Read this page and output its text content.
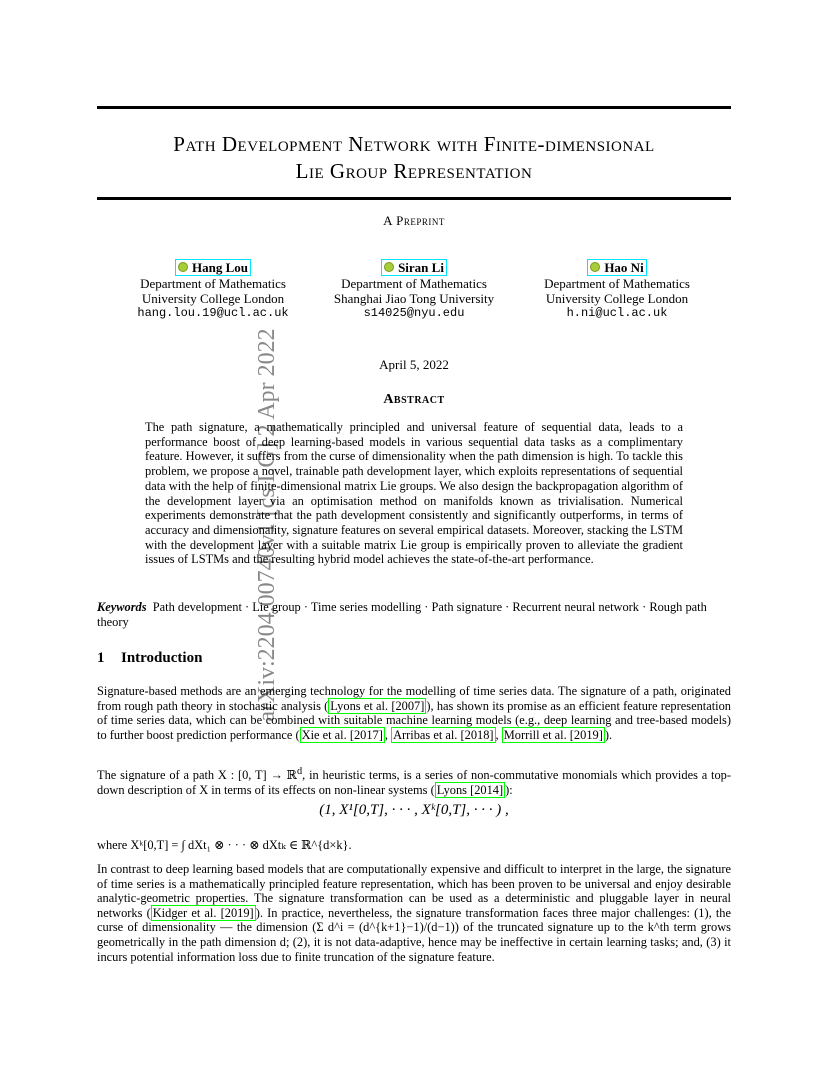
arXiv:2204.00740v1 [cs.LG] 2 Apr 2022
Path Development Network with Finite-dimensional
Lie Group Representation
A Preprint
Hang Lou
Department of Mathematics
University College London
hang.lou.19@ucl.ac.uk
Siran Li
Department of Mathematics
Shanghai Jiao Tong University
s14025@nyu.edu
Hao Ni
Department of Mathematics
University College London
h.ni@ucl.ac.uk
April 5, 2022
Abstract
The path signature, a mathematically principled and universal feature of sequential data, leads to a performance boost of deep learning-based models in various sequential data tasks as a complimentary feature. However, it suffers from the curse of dimensionality when the path dimension is high. To tackle this problem, we propose a novel, trainable path development layer, which exploits representations of sequential data with the help of finite-dimensional matrix Lie groups. We also design the backpropagation algorithm of the development layer via an optimisation method on manifolds known as trivialisation. Numerical experiments demonstrate that the path development consistently and significantly outperforms, in terms of accuracy and dimensionality, signature features on several empirical datasets. Moreover, stacking the LSTM with the development layer with a suitable matrix Lie group is empirically proven to alleviate the gradient issues of LSTMs and the resulting hybrid model achieves the state-of-the-art performance.
Keywords Path development · Lie group · Time series modelling · Path signature · Recurrent neural network · Rough path theory
1 Introduction
Signature-based methods are an emerging technology for the modelling of time series data. The signature of a path, originated from rough path theory in stochastic analysis ( Lyons et al. [2007] ), has shown its promise as an efficient feature representation of time series data, which can be combined with suitable machine learning models (e.g., deep learning and tree-based models) to further boost prediction performance ( Xie et al. [2017] , Arribas et al. [2018] , Morrill et al. [2019] ).
The signature of a path X : [0, T] → ℝ$^d$, in heuristic terms, is a series of non-commutative monomials which provides a top-down description of X in terms of its effects on non-linear systems ( Lyons [2014] ):
(1, X¹[0,T], · · · , Xᵏ[0,T], · · · ) ,
where Xᵏ[0,T] = ∫ dXt₁ ⊗ · · · ⊗ dXtₖ ∈ ℝ^{d×k}.
In contrast to deep learning based models that are computationally expensive and difficult to interpret in the large, the signature of time series is a mathematically principled feature representation, which has been proven to be universal and enjoy desirable analytic-geometric properties. The signature transformation can be used as a deterministic and pluggable layer in neural networks ( Kidger et al. [2019] ). In practice, nevertheless, the signature transformation faces three major challenges: (1), the curse of dimensionality — the dimension (Σ d^i = (d^{k+1}−1)/(d−1)) of the truncated signature up to the k^th term grows geometrically in the path dimension d; (2), it is not data-adaptive, hence may be ineffective in certain learning tasks; and, (3) it incurs potential information loss due to finite truncation of the signature feature.
